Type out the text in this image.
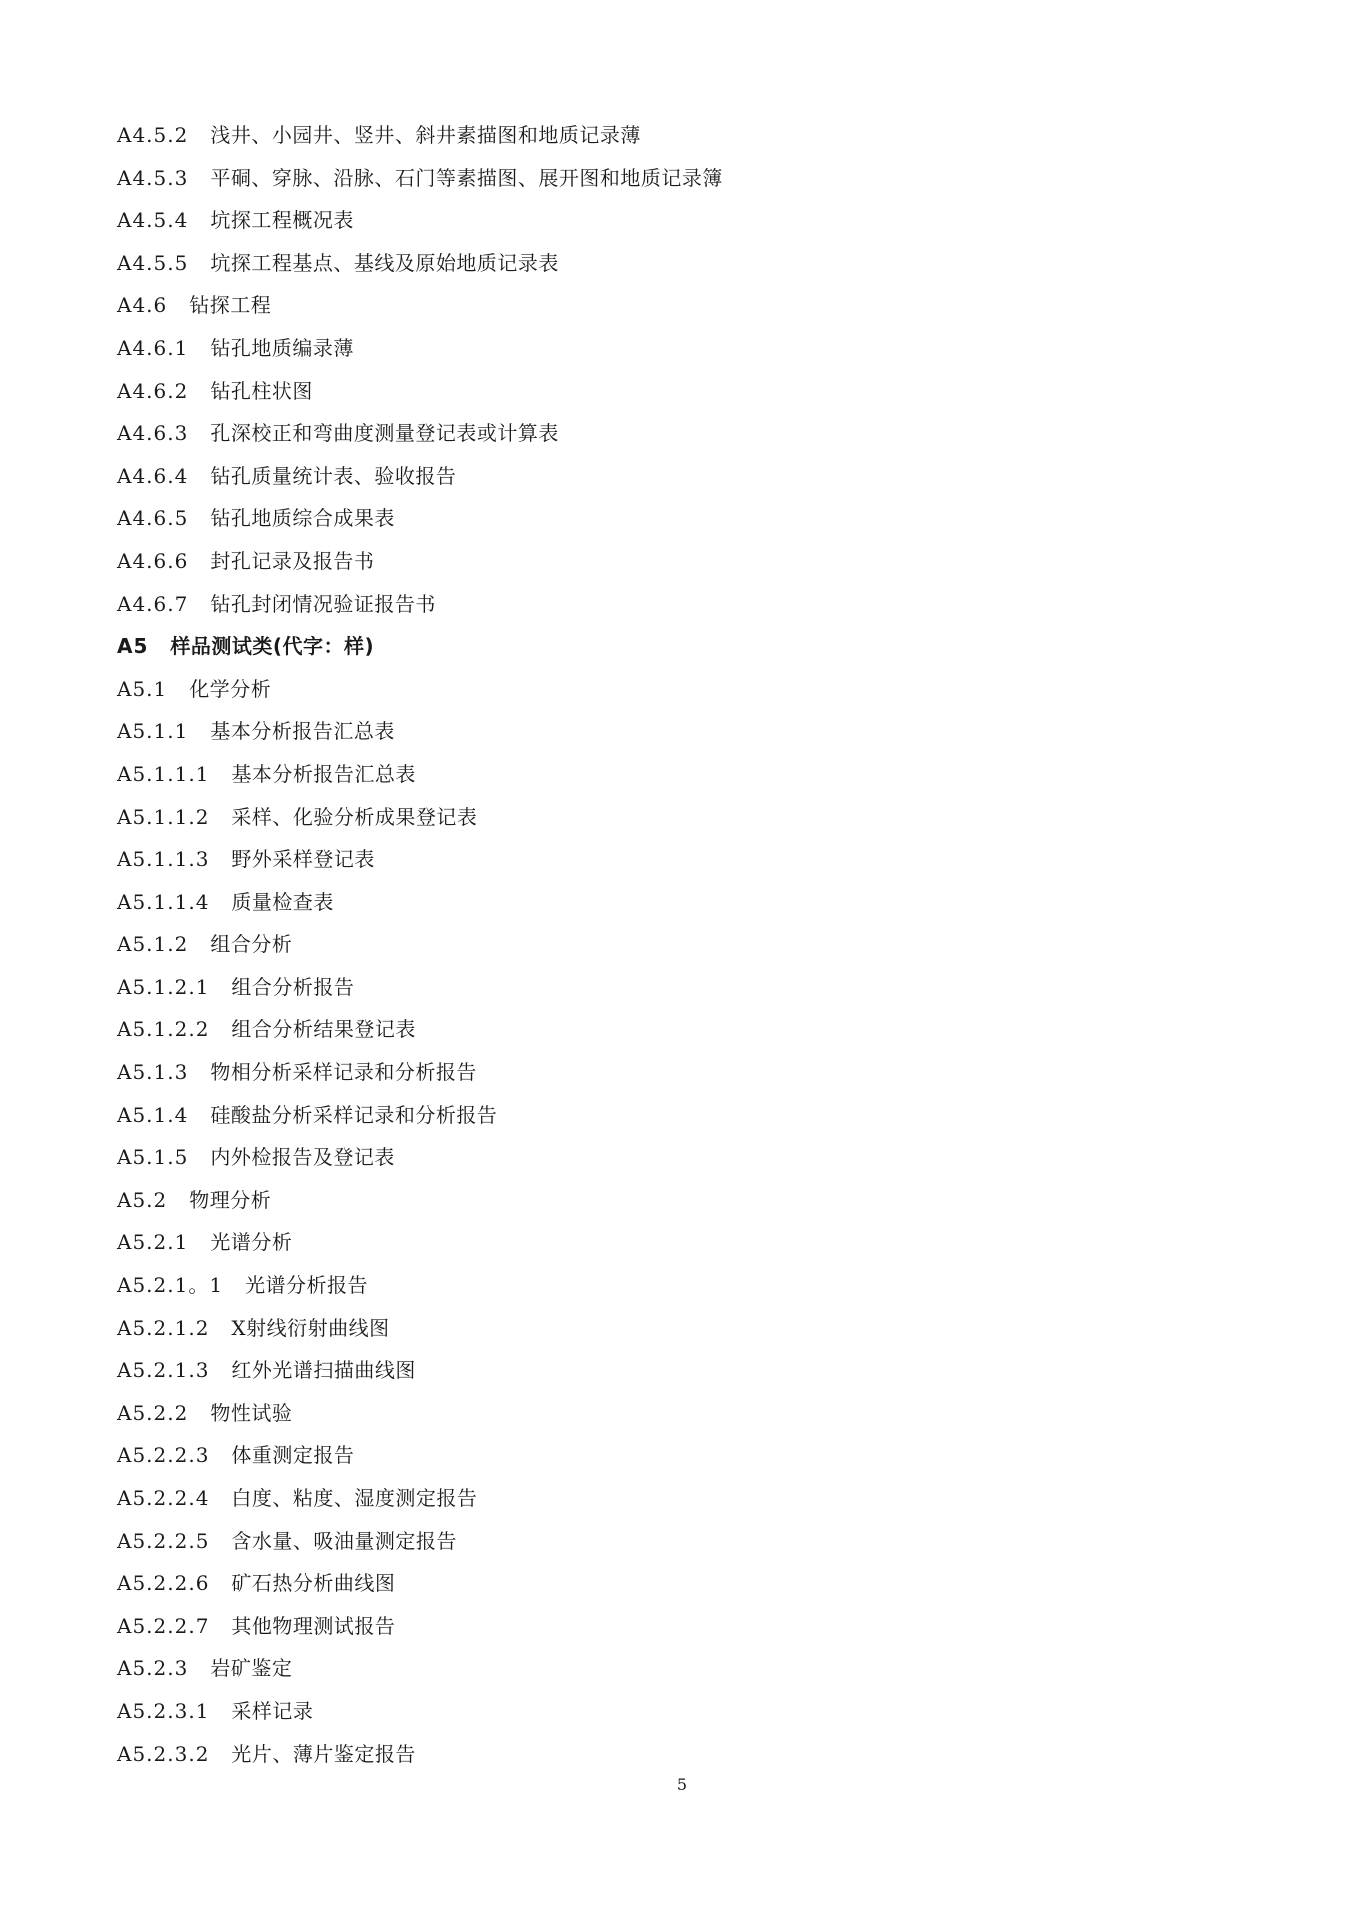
A4.5.2 浅井、小园井、竖井、斜井素描图和地质记录薄
A4.5.3 平硐、穿脉、沿脉、石门等素描图、展开图和地质记录簿
A4.5.4 坑探工程概况表
A4.5.5 坑探工程基点、基线及原始地质记录表
A4.6 钻探工程
A4.6.1 钻孔地质编录薄
A4.6.2 钻孔柱状图
A4.6.3 孔深校正和弯曲度测量登记表或计算表
A4.6.4 钻孔质量统计表、验收报告
A4.6.5 钻孔地质综合成果表
A4.6.6 封孔记录及报告书
A4.6.7 钻孔封闭情况验证报告书
A5 样品测试类(代字：样)
A5.1 化学分析
A5.1.1 基本分析报告汇总表
A5.1.1.1 基本分析报告汇总表
A5.1.1.2 采样、化验分析成果登记表
A5.1.1.3 野外采样登记表
A5.1.1.4 质量检查表
A5.1.2 组合分析
A5.1.2.1 组合分析报告
A5.1.2.2 组合分析结果登记表
A5.1.3 物相分析采样记录和分析报告
A5.1.4 硅酸盐分析采样记录和分析报告
A5.1.5 内外检报告及登记表
A5.2 物理分析
A5.2.1 光谱分析
A5.2.1。1 光谱分析报告
A5.2.1.2 X射线衍射曲线图
A5.2.1.3 红外光谱扫描曲线图
A5.2.2 物性试验
A5.2.2.3 体重测定报告
A5.2.2.4 白度、粘度、湿度测定报告
A5.2.2.5 含水量、吸油量测定报告
A5.2.2.6 矿石热分析曲线图
A5.2.2.7 其他物理测试报告
A5.2.3 岩矿鉴定
A5.2.3.1 采样记录
A5.2.3.2 光片、薄片鉴定报告
5
